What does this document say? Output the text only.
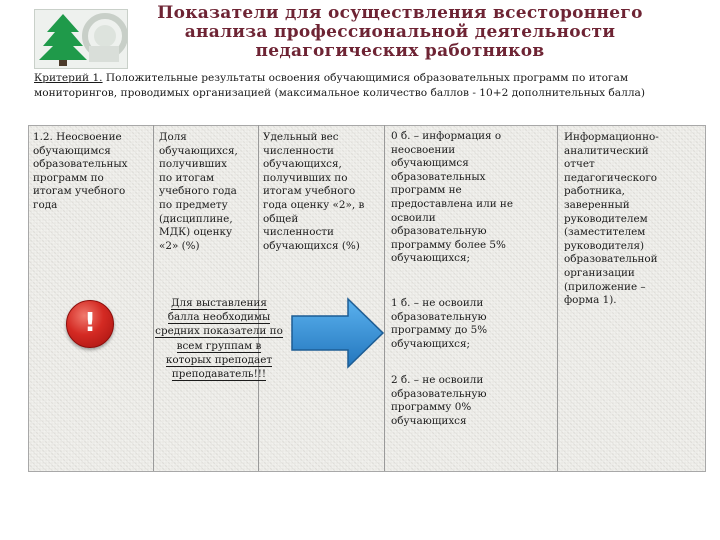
Показатели для осуществления всестороннего
анализа профессиональной деятельности
педагогических работников
Критерий 1. Положительные результаты освоения обучающимися образовательных программ по итогам мониторингов, проводимых организацией (максимальное количество баллов - 10+2 дополнительных балла)

1.2. Неосвоение

обучающимся

образовательных

программ по

итогам учебного

года

Доля

обучающихся,

получивших

по итогам

учебного года

по предмету

(дисциплине,

МДК) оценку

«2» (%)

Удельный вес

численности

обучающихся,

получивших по

итогам учебного

года оценку «2», в

общей

численности

обучающихся (%)

0 б. – информация о

неосвоении

обучающимся

образовательных

программ не

предоставлена или не

освоили

образовательную

программу более 5%

обучающихся;

1 б. – не освоили

образовательную

программу до 5%

обучающихся;

2 б. – не освоили

образовательную

программу 0%

обучающихся

Информационно-

аналитический

отчет

педагогического

работника,

заверенный

руководителем

(заместителем

руководителя)

образовательной

организации

(приложение –

форма 1).

!
Для выставления
балла необходимы
средних показатели по
всем группам в
которых преподает
преподаватель!!!
